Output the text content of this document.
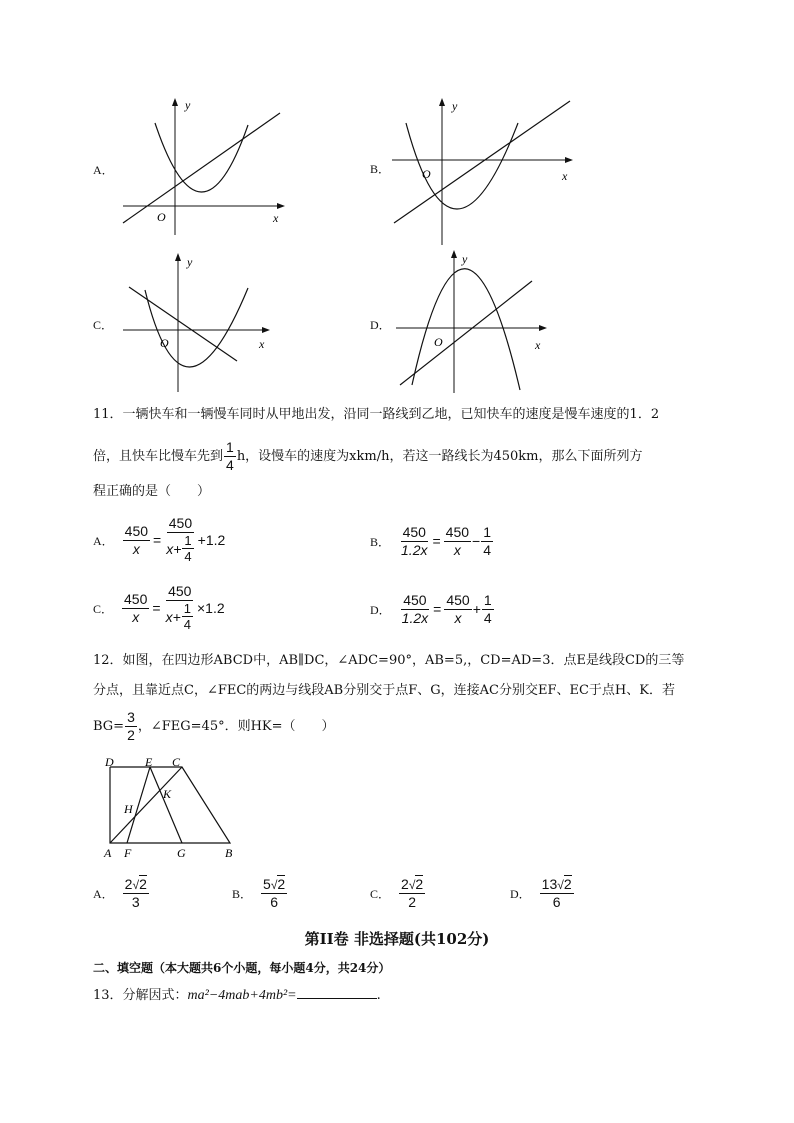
A．
y
x
O
B．
y
x
O
C．
y
x
O
D．
y
x
O
11．一辆快车和一辆慢车同时从甲地出发，沿同一路线到乙地，已知快车的速度是慢车速度的1．2
倍，且快车比慢车先到 $\frac{1}{4}$ h，设慢车的速度为xkm/h，若这一路线长为450km，那么下面所列方
程正确的是（　　）
A． $\frac{450}{x} = \frac{450}{x+ \frac{1}{4}} +1.2$	B． $\frac{450}{1.2x} = \frac{450}{x} - \frac{1}{4}$
C． $\frac{450}{x} = \frac{450}{x+ \frac{1}{4}} \times 1.2$	D． $\frac{450}{1.2x} = \frac{450}{x} + \frac{1}{4}$
12．如图，在四边形ABCD中，AB∥DC，∠ADC=90°，AB=5,，CD=AD=3．点E是线段CD的三等
分点，且靠近点C，∠FEC的两边与线段AB分别交于点F、G，连接AC分别交EF、EC于点H、K．若
$BG= \frac{3}{2}$ ，∠FEG=45°．则HK=（　　）
D	E C
H
K
A F	G	B
A． $\frac{2√2}{3}$	B． $\frac{5√2}{6}$	C． $\frac{2√2}{2}$	D． $\frac{13√2}{6}$
第II卷 非选择题(共102分)
二、填空题（本大题共6个小题，每小题4分，共24分）
13．分解因式： ma²−4mab+4mb²=	.
